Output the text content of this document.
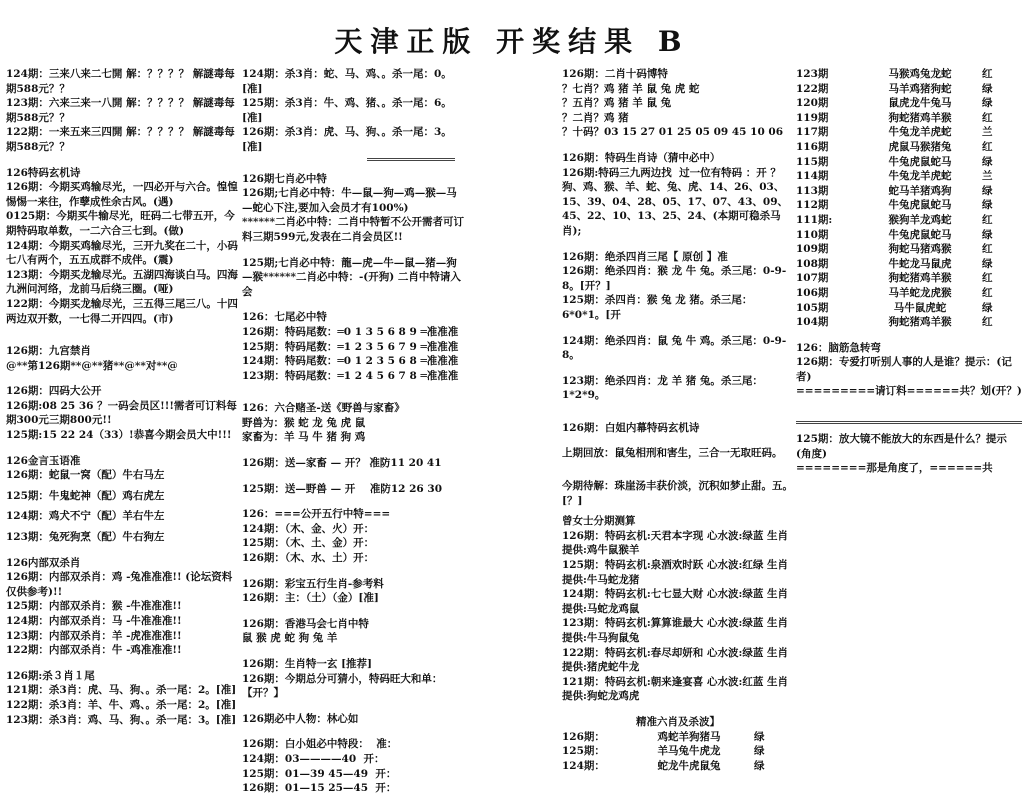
天津正版 开奖结果 B
124期：三来八来二七開 解：？？？？ 解謎毒每期588元？？
123期：六来三来一八開 解：？？？？ 解謎毒每期588元？？
122期：一来五来三四開 解：？？？？ 解謎毒每期588元？？
126特码玄机诗
126期：今期买鸡输尽光，一四必开与六合。惶惶惕惕一来往，作孽成性余古风。(遇)
0125期：今期买牛输尽光，旺码二七带五开，今期特码取单数，一二六合三七到。(做)
124期：今期买鸡输尽光，三开九奖在二十，小码七八有两个，五五成群不成伴。(震)
123期：今期买龙输尽光。五湖四海谈白马。四海九洲问河络，龙前马后绕三圈。(哑)
122期：今期买龙输尽光，三五得三尾三八。十四两边双开数，一七得二开四四。(市)
126期：九宫禁肖
@**第126期**@**猪**@**对**@
126期：四码大公开
126期:08 25 36 ？一码会员区!!!需者可订料每期300元三期800元!!
125期:15 22 24（33）!恭喜今期会员大中!!!
126金言玉语准
126期：蛇鼠一窝（配）牛右马左
125期：牛鬼蛇神（配）鸡右虎左
124期：鸡犬不宁（配）羊右牛左
123期：兔死狗烹（配）牛右狗左
126内部双杀肖
126期：内部双杀肖：鸡 -兔准准准!! (论坛资料仅供参考)!!
125期：内部双杀肖：猴 -牛准准准!!
124期：内部双杀肖：马 -牛准准准!!
123期：内部双杀肖：羊 -虎准准准!!
122期：内部双杀肖：牛 -鸡准准准!!
126期:杀３肖１尾
121期：杀3肖：虎、马、狗、。杀一尾：2。[准]
122期：杀3肖：羊、牛、鸡、。杀一尾：2。[准]
123期：杀3肖：鸡、马、狗、。杀一尾：3。[准]
124期：杀3肖：蛇、马、鸡、。杀一尾：0。[准]
125期：杀3肖：牛、鸡、猪、。杀一尾：6。[准]
126期：杀3肖：虎、马、狗、。杀一尾：3。[准]
126期七肖必中特
126期;七肖必中特：牛—鼠—狗—鸡—猴—马—蛇心下注,要加入会员才有100%)
******二肖必中特：二肖中特暂不公开需者可订料三期599元,发表在二肖会员区!!
125期;七肖必中特：龍—虎—牛—鼠—猪—狗—猴******二肖必中特：-(开狗) 二肖中特请入会
126：七尾必中特
126期：特码尾数：═0 1 3 5 6 8 9 ═准准准
125期：特码尾数：═1 2 3 5 6 7 9 ═准准准
124期：特码尾数：═0 1 2 3 5 6 8 ═准准准
123期：特码尾数：═1 2 4 5 6 7 8 ═准准准
126：六合赌圣-送《野兽与家畜》
野兽为：猴 蛇 龙 兔 虎 鼠
家畜为：羊 马 牛 猪 狗 鸡
126期：送—家畜 — 开？ 准防11 20 41
125期：送—野兽 — 开    准防12 26 30
126：===公开五行中特===
124期：（木、金、火）开：
125期：（木、土、金）开：
126期：（木、水、土）开：
126期：彩宝五行生肖-参考料
126期：主：（土）（金）[准]
126期：香港马会七肖中特
鼠 猴 虎 蛇 狗 兔 羊
126期：生肖特一玄 [推荐]
126期：今期总分可猜小，特码旺大和单：【开？】
126期必中人物：林心如
126期：白小姐必中特段：  准：
124期：03————40  开：
125期：01—39 45—49  开：
126期：01—15 25—45  开：
126期：二肖十码博特
？七肖？鸡 猪 羊 鼠 兔 虎 蛇
？五肖？鸡 猪 羊 鼠 兔
？二肖？鸡 猪
？十码？03 15 27 01 25 05 09 45 10 06
126期：特码生肖诗（猜中必中）
126期:特码三九两边找  过一位有特码 ：开 ？
狗、鸡、猴、羊、蛇、兔、虎、14、26、03、15、39、04、28、05、17、07、43、09、45、22、10、13、25、24、(本期可稳杀马肖);
126期：绝杀四肖三尾【 原创 】准
126期：绝杀四肖：猴 龙 牛 兔。杀三尾：0-9-8。[开？]
125期：杀四肖：猴 兔 龙 猪。杀三尾：6*0*1。[开
124期：绝杀四肖：鼠 兔 牛 鸡。杀三尾：0-9-8。
123期：绝杀四肖：龙 羊 猪 兔。杀三尾：1*2*9。
126期：白姐内幕特码玄机诗
上期回放：鼠兔相刑和害生，三合一无取旺码。
今期待解：珠崖汤丰获价淡，沉积如梦止甜。五。[？]
曾女士分期测算
126期：特码玄机:天君本字现 心水波:绿蓝 生肖提供:鸡牛鼠猴羊
125期：特码玄机:泉酒欢时跃 心水波:红绿 生肖提供:牛马蛇龙猪
124期：特码玄机:七七显大财 心水波:绿蓝 生肖提供:马蛇龙鸡鼠
123期：特码玄机:算算谁最大 心水波:绿蓝 生肖提供:牛马狗鼠兔
122期：特码玄机:春尽却妍和 心水波:绿蓝 生肖提供:猪虎蛇牛龙
121期：特码玄机:朝来逢宴喜 心水波:红蓝 生肖提供:狗蛇龙鸡虎
精准六肖及杀波】
126期：	鸡蛇羊狗猪马	绿
125期：	羊马兔牛虎龙	绿
124期：	蛇龙牛虎鼠兔	绿
123期	马猴鸡兔龙蛇	红
122期	马羊鸡猪狗蛇	绿
120期	鼠虎龙牛兔马	绿
119期	狗蛇猪鸡羊猴	红
117期	牛兔龙羊虎蛇	兰
116期	虎鼠马猴猪兔	红
115期	牛兔虎鼠蛇马	绿
114期	牛兔龙羊虎蛇	兰
113期	蛇马羊猪鸡狗	绿
112期	牛兔虎鼠蛇马	绿
111期:	猴狗羊龙鸡蛇	红
110期	牛兔虎鼠蛇马	绿
109期	狗蛇马猪鸡猴	红
108期	牛蛇龙马鼠虎	绿
107期	狗蛇猪鸡羊猴	红
106期	马羊蛇龙虎猴	红
105期	马牛鼠虎蛇	绿
104期	狗蛇猪鸡羊猴	红
126：脑筋急转弯
126期：专爱打听别人事的人是谁？提示：(记者)
=========请订料======共？划(开？)
125期：放大镜不能放大的东西是什么？提示(角度)
========那是角度了，======共
